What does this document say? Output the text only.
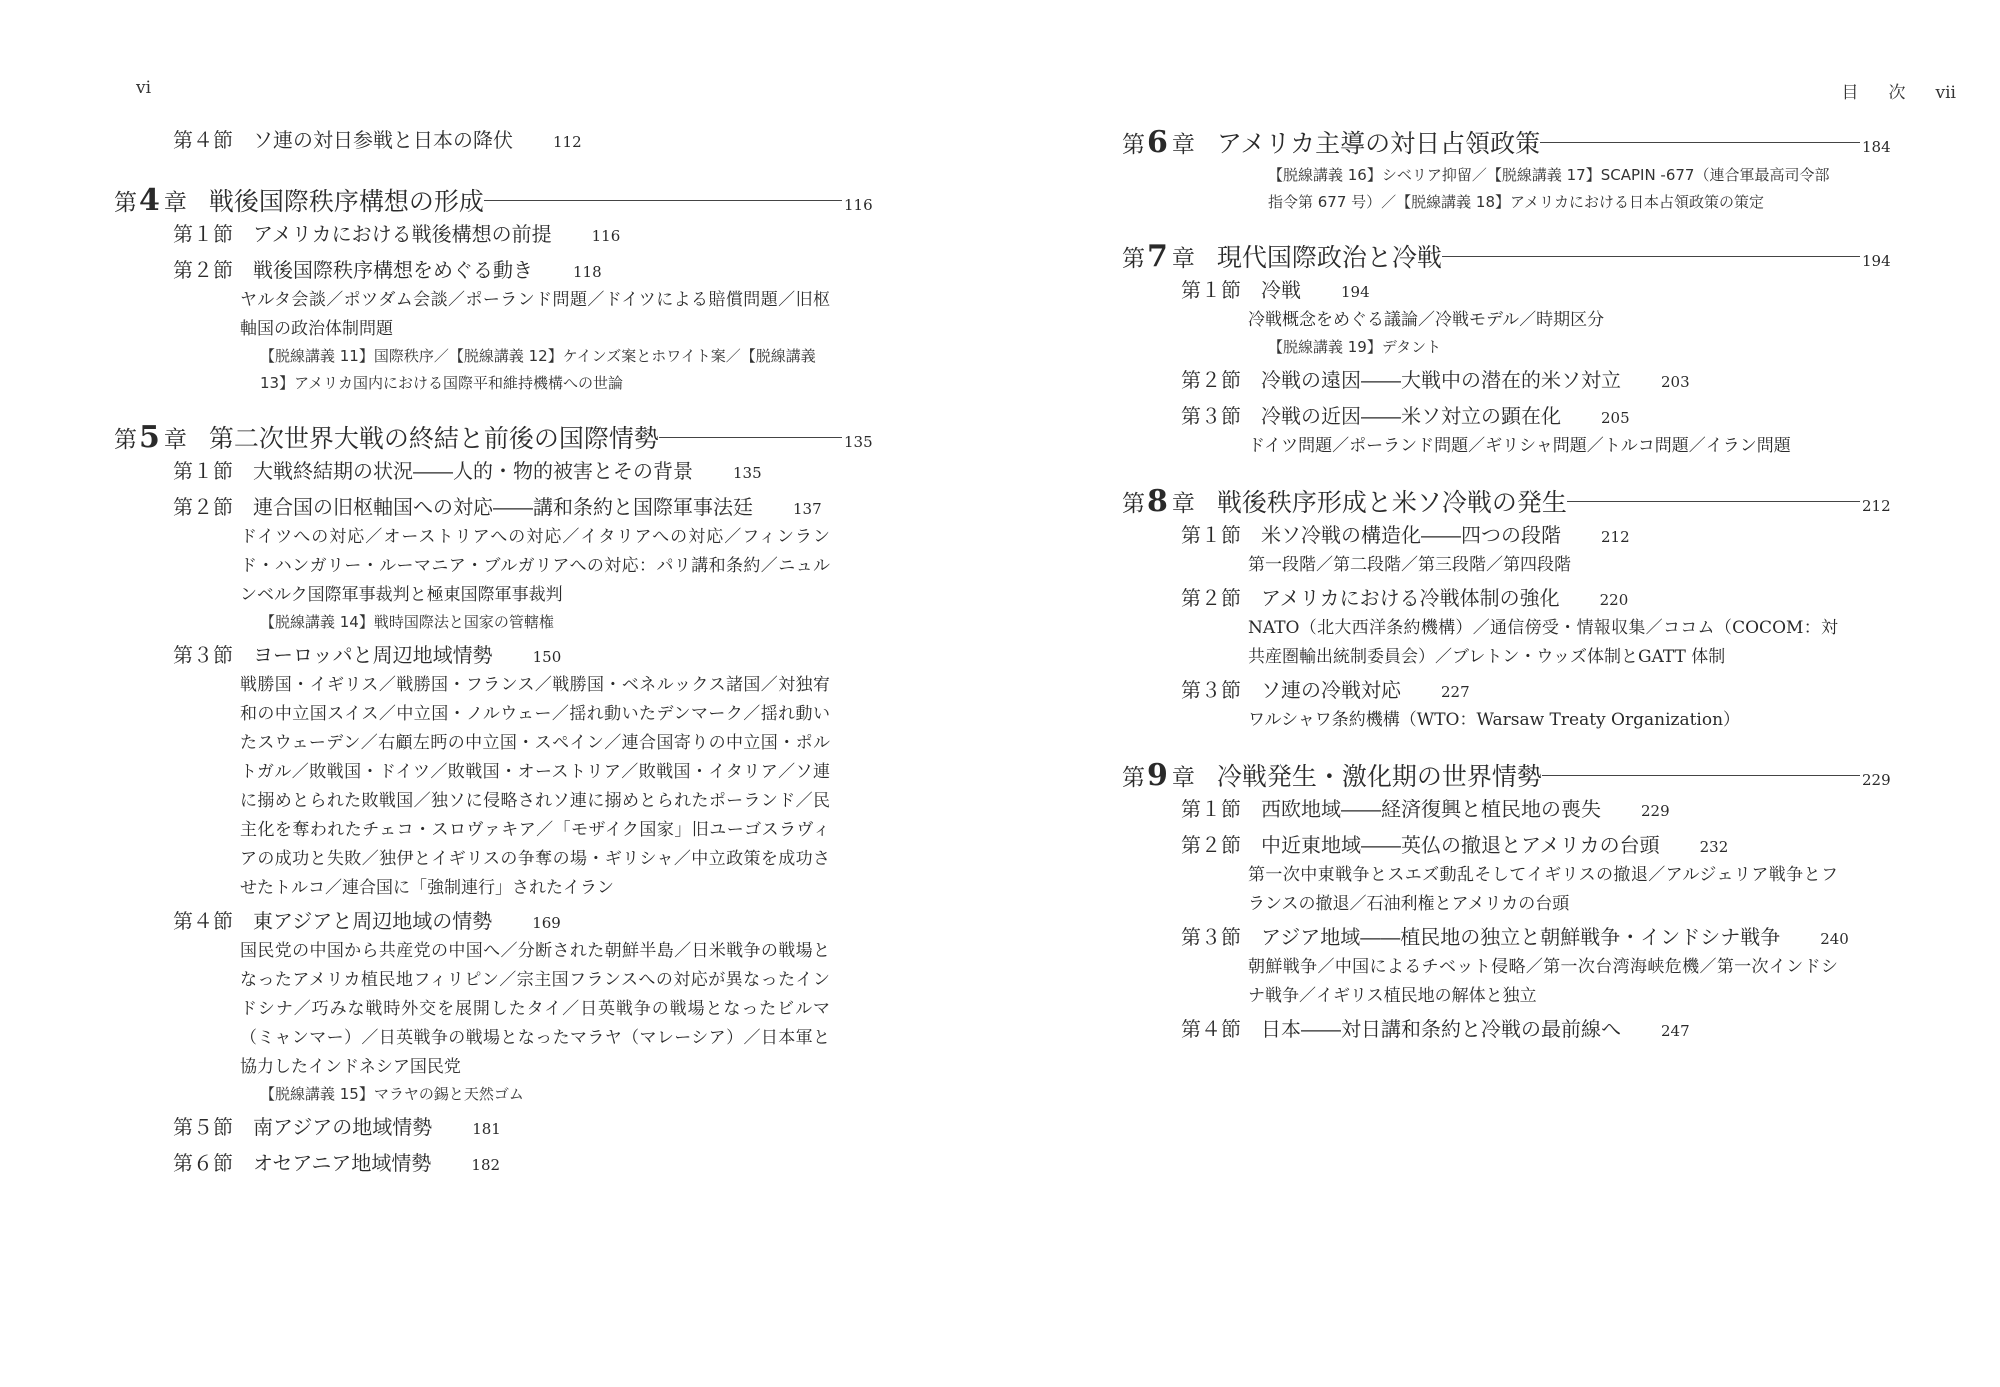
vi
第４節 ソ連の対日参戦と日本の降伏	112
第4 章 戦後国際秩序構想の形成	116
第１節 アメリカにおける戦後構想の前提	116
第２節 戦後国際秩序構想をめぐる動き	118
ヤルタ会談／ポツダム会談／ポーランド問題／ドイツによる賠償問題／旧枢軸国の政治体制問題
【脱線講義 11】国際秩序／【脱線講義 12】ケインズ案とホワイト案／【脱線講義 13】アメリカ国内における国際平和維持機構への世論
第5 章 第二次世界大戦の終結と前後の国際情勢	135
第１節 大戦終結期の状況――人的・物的被害とその背景	135
第２節 連合国の旧枢軸国への対応――講和条約と国際軍事法廷	137
ドイツへの対応／オーストリアへの対応／イタリアへの対応／フィンランド・ハンガリー・ルーマニア・ブルガリアへの対応：パリ講和条約／ニュルンベルク国際軍事裁判と極東国際軍事裁判
【脱線講義 14】戦時国際法と国家の管轄権
第３節 ヨーロッパと周辺地域情勢	150
戦勝国・イギリス／戦勝国・フランス／戦勝国・ベネルックス諸国／対独宥和の中立国スイス／中立国・ノルウェー／揺れ動いたデンマーク／揺れ動いたスウェーデン／右顧左眄の中立国・スペイン／連合国寄りの中立国・ポルトガル／敗戦国・ドイツ／敗戦国・オーストリア／敗戦国・イタリア／ソ連に搦めとられた敗戦国／独ソに侵略されソ連に搦めとられたポーランド／民主化を奪われたチェコ・スロヴァキア／「モザイク国家」旧ユーゴスラヴィアの成功と失敗／独伊とイギリスの争奪の場・ギリシャ／中立政策を成功させたトルコ／連合国に「強制連行」されたイラン
第４節 東アジアと周辺地域の情勢	169
国民党の中国から共産党の中国へ／分断された朝鮮半島／日米戦争の戦場となったアメリカ植民地フィリピン／宗主国フランスへの対応が異なったインドシナ／巧みな戦時外交を展開したタイ／日英戦争の戦場となったビルマ（ミャンマー）／日英戦争の戦場となったマラヤ（マレーシア）／日本軍と協力したインドネシア国民党
【脱線講義 15】マラヤの錫と天然ゴム
第５節 南アジアの地域情勢	181
第６節 オセアニア地域情勢	182
目 次 vii
第6 章 アメリカ主導の対日占領政策	184
【脱線講義 16】シベリア抑留／【脱線講義 17】SCAPIN -677（連合軍最高司令部指令第 677 号）／【脱線講義 18】アメリカにおける日本占領政策の策定
第7 章 現代国際政治と冷戦	194
第１節 冷戦	194
冷戦概念をめぐる議論／冷戦モデル／時期区分
【脱線講義 19】デタント
第２節 冷戦の遠因――大戦中の潜在的米ソ対立	203
第３節 冷戦の近因――米ソ対立の顕在化	205
ドイツ問題／ポーランド問題／ギリシャ問題／トルコ問題／イラン問題
第8 章 戦後秩序形成と米ソ冷戦の発生	212
第１節 米ソ冷戦の構造化――四つの段階	212
第一段階／第二段階／第三段階／第四段階
第２節 アメリカにおける冷戦体制の強化	220
NATO（北大西洋条約機構）／通信傍受・情報収集／ココム（COCOM：対共産圏輸出統制委員会）／ブレトン・ウッズ体制とGATT 体制
第３節 ソ連の冷戦対応	227
ワルシャワ条約機構（WTO：Warsaw Treaty Organization）
第9 章 冷戦発生・激化期の世界情勢	229
第１節 西欧地域――経済復興と植民地の喪失	229
第２節 中近東地域――英仏の撤退とアメリカの台頭	232
第一次中東戦争とスエズ動乱そしてイギリスの撤退／アルジェリア戦争とフランスの撤退／石油利権とアメリカの台頭
第３節 アジア地域――植民地の独立と朝鮮戦争・インドシナ戦争	240
朝鮮戦争／中国によるチベット侵略／第一次台湾海峡危機／第一次インドシナ戦争／イギリス植民地の解体と独立
第４節 日本――対日講和条約と冷戦の最前線へ	247
